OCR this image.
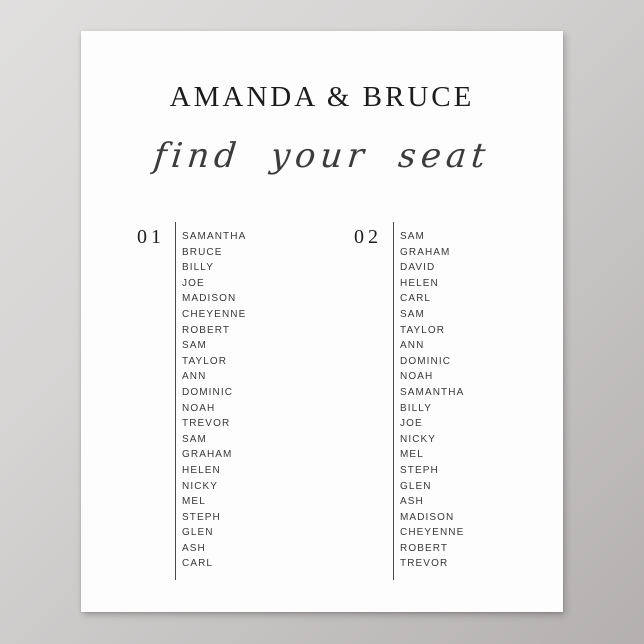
AMANDA & BRUCE
find your seat
01 SAMANTHA
BRUCE
BILLY
JOE
MADISON
CHEYENNE
ROBERT
SAM
TAYLOR
ANN
DOMINIC
NOAH
TREVOR
SAM
GRAHAM
HELEN
NICKY
MEL
STEPH
GLEN
ASH
CARL
02 SAM
GRAHAM
DAVID
HELEN
CARL
SAM
TAYLOR
ANN
DOMINIC
NOAH
SAMANTHA
BILLY
JOE
NICKY
MEL
STEPH
GLEN
ASH
MADISON
CHEYENNE
ROBERT
TREVOR
